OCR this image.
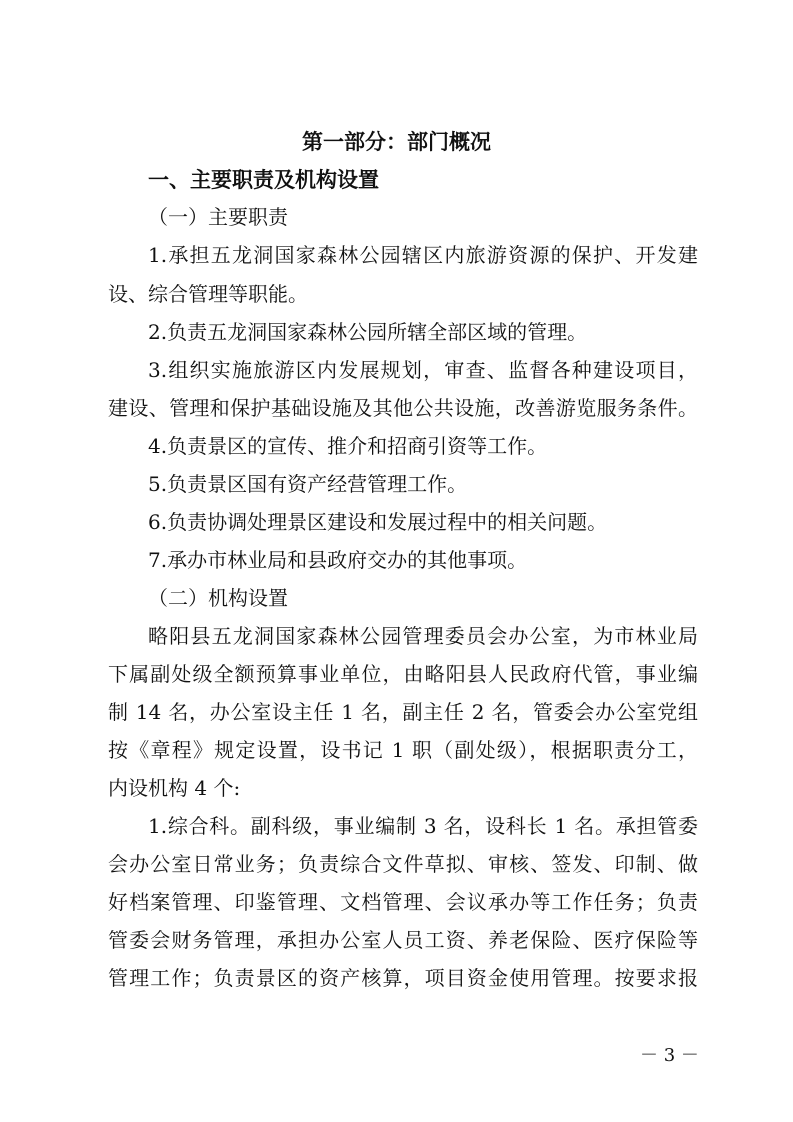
第一部分：部门概况
一、主要职责及机构设置
（一）主要职责
1.承担五龙洞国家森林公园辖区内旅游资源的保护、开发建
设、综合管理等职能。
2.负责五龙洞国家森林公园所辖全部区域的管理。
3.组织实施旅游区内发展规划，审查、监督各种建设项目，
建设、管理和保护基础设施及其他公共设施，改善游览服务条件。
4.负责景区的宣传、推介和招商引资等工作。
5.负责景区国有资产经营管理工作。
6.负责协调处理景区建设和发展过程中的相关问题。
7.承办市林业局和县政府交办的其他事项。
（二）机构设置
略阳县五龙洞国家森林公园管理委员会办公室，为市林业局
下属副处级全额预算事业单位，由略阳县人民政府代管，事业编
制 14 名，办公室设主任 1 名，副主任 2 名，管委会办公室党组
按《章程》规定设置，设书记 1 职（副处级），根据职责分工，
内设机构 4 个:
1.综合科。副科级，事业编制 3 名，设科长 1 名。承担管委
会办公室日常业务；负责综合文件草拟、审核、签发、印制、做
好档案管理、印鉴管理、文档管理、会议承办等工作任务；负责
管委会财务管理，承担办公室人员工资、养老保险、医疗保险等
管理工作；负责景区的资产核算，项目资金使用管理。按要求报
－ 3 －
